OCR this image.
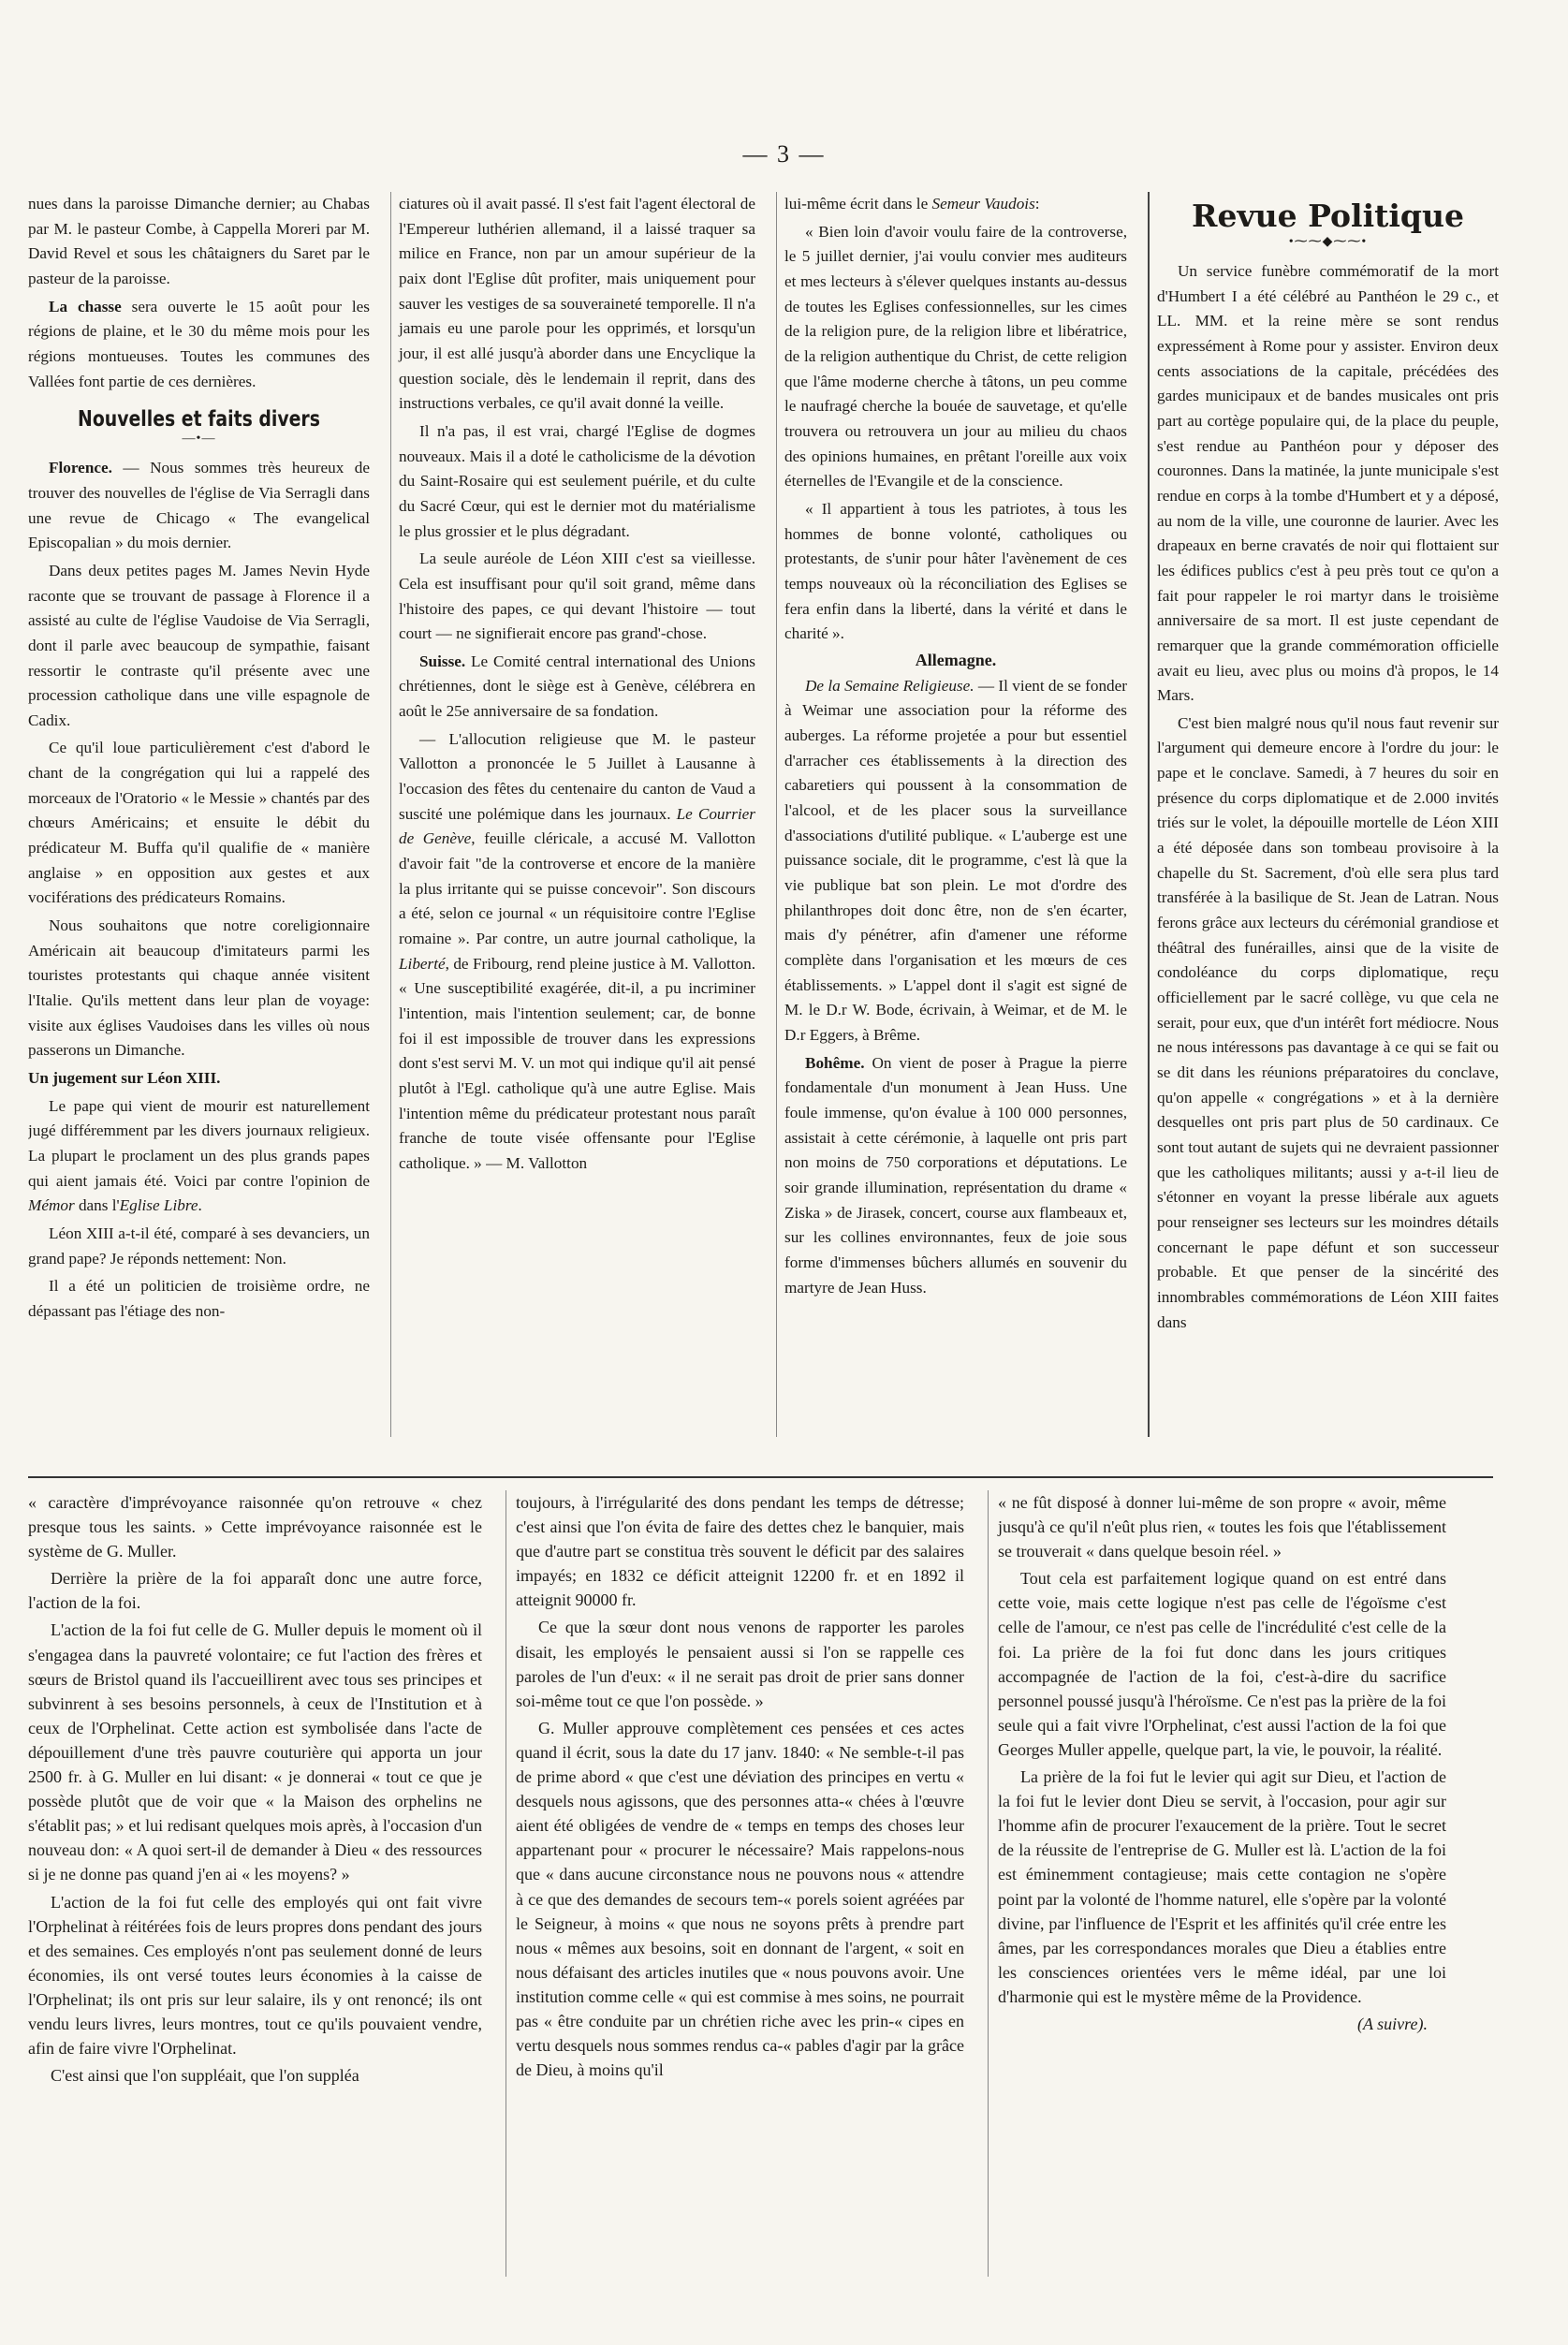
— 3 —

nues dans la paroisse Dimanche dernier; au Chabas par M. le pasteur Combe, à Cappella Moreri par M. David Revel et sous les châtaigners du Saret par le pasteur de la paroisse.

La chasse sera ouverte le 15 août pour les régions de plaine, et le 30 du même mois pour les régions montueuses. Toutes les communes des Vallées font partie de ces dernières.

Nouvelles et faits divers
—•—

Florence. — Nous sommes très heureux de trouver des nouvelles de l'église de Via Serragli dans une revue de Chicago « The evangelical Episcopalian » du mois dernier.

Dans deux petites pages M. James Nevin Hyde raconte que se trouvant de passage à Florence il a assisté au culte de l'église Vaudoise de Via Serragli, dont il parle avec beaucoup de sympathie, faisant ressortir le contraste qu'il présente avec une procession catholique dans une ville espagnole de Cadix.

Ce qu'il loue particulièrement c'est d'abord le chant de la congrégation qui lui a rappelé des morceaux de l'Oratorio « le Messie » chantés par des chœurs Américains; et ensuite le débit du prédicateur M. Buffa qu'il qualifie de « manière anglaise » en opposition aux gestes et aux vociférations des prédicateurs Romains.

Nous souhaitons que notre coreligionnaire Américain ait beaucoup d'imitateurs parmi les touristes protestants qui chaque année visitent l'Italie. Qu'ils mettent dans leur plan de voyage: visite aux églises Vaudoises dans les villes où nous passerons un Dimanche.

Un jugement sur Léon XIII.

Le pape qui vient de mourir est naturellement jugé différemment par les divers journaux religieux. La plupart le proclament un des plus grands papes qui aient jamais été. Voici par contre l'opinion de Mémor dans l'Eglise Libre.

Léon XIII a-t-il été, comparé à ses devanciers, un grand pape? Je réponds nettement: Non.

Il a été un politicien de troisième ordre, ne dépassant pas l'étiage des non-

ciatures où il avait passé. Il s'est fait l'agent électoral de l'Empereur luthérien allemand, il a laissé traquer sa milice en France, non par un amour supérieur de la paix dont l'Eglise dût profiter, mais uniquement pour sauver les vestiges de sa souveraineté temporelle. Il n'a jamais eu une parole pour les opprimés, et lorsqu'un jour, il est allé jusqu'à aborder dans une Encyclique la question sociale, dès le lendemain il reprit, dans des instructions verbales, ce qu'il avait donné la veille.

Il n'a pas, il est vrai, chargé l'Eglise de dogmes nouveaux. Mais il a doté le catholicisme de la dévotion du Saint-Rosaire qui est seulement puérile, et du culte du Sacré Cœur, qui est le dernier mot du matérialisme le plus grossier et le plus dégradant.

La seule auréole de Léon XIII c'est sa vieillesse. Cela est insuffisant pour qu'il soit grand, même dans l'histoire des papes, ce qui devant l'histoire — tout court — ne signifierait encore pas grand'-chose.

Suisse. Le Comité central international des Unions chrétiennes, dont le siège est à Genève, célébrera en août le 25e anniversaire de sa fondation.

— L'allocution religieuse que M. le pasteur Vallotton a prononcée le 5 Juillet à Lausanne à l'occasion des fêtes du centenaire du canton de Vaud a suscité une polémique dans les journaux. Le Courrier de Genève, feuille cléricale, a accusé M. Vallotton d'avoir fait "de la controverse et encore de la manière la plus irritante qui se puisse concevoir". Son discours a été, selon ce journal « un réquisitoire contre l'Eglise romaine ». Par contre, un autre journal catholique, la Liberté, de Fribourg, rend pleine justice à M. Vallotton. « Une susceptibilité exagérée, dit-il, a pu incriminer l'intention, mais l'intention seulement; car, de bonne foi il est impossible de trouver dans les expressions dont s'est servi M. V. un mot qui indique qu'il ait pensé plutôt à l'Egl. catholique qu'à une autre Eglise. Mais l'intention même du prédicateur protestant nous paraît franche de toute visée offensante pour l'Eglise catholique. » — M. Vallotton

lui-même écrit dans le Semeur Vaudois:

« Bien loin d'avoir voulu faire de la controverse, le 5 juillet dernier, j'ai voulu convier mes auditeurs et mes lecteurs à s'élever quelques instants au-dessus de toutes les Eglises confessionnelles, sur les cimes de la religion pure, de la religion libre et libératrice, de la religion authentique du Christ, de cette religion que l'âme moderne cherche à tâtons, un peu comme le naufragé cherche la bouée de sauvetage, et qu'elle trouvera ou retrouvera un jour au milieu du chaos des opinions humaines, en prêtant l'oreille aux voix éternelles de l'Evangile et de la conscience.

« Il appartient à tous les patriotes, à tous les hommes de bonne volonté, catholiques ou protestants, de s'unir pour hâter l'avènement de ces temps nouveaux où la réconciliation des Eglises se fera enfin dans la liberté, dans la vérité et dans le charité ».

Allemagne.

De la Semaine Religieuse. — Il vient de se fonder à Weimar une association pour la réforme des auberges. La réforme projetée a pour but essentiel d'arracher ces établissements à la direction des cabaretiers qui poussent à la consommation de l'alcool, et de les placer sous la surveillance d'associations d'utilité publique. « L'auberge est une puissance sociale, dit le programme, c'est là que la vie publique bat son plein. Le mot d'ordre des philanthropes doit donc être, non de s'en écarter, mais d'y pénétrer, afin d'amener une réforme complète dans l'organisation et les mœurs de ces établissements. » L'appel dont il s'agit est signé de M. le D.r W. Bode, écrivain, à Weimar, et de M. le D.r Eggers, à Brême.

Bohême. On vient de poser à Prague la pierre fondamentale d'un monument à Jean Huss. Une foule immense, qu'on évalue à 100 000 personnes, assistait à cette cérémonie, à laquelle ont pris part non moins de 750 corporations et députations. Le soir grande illumination, représentation du drame « Ziska » de Jirasek, concert, course aux flambeaux et, sur les collines environnantes, feux de joie sous forme d'immenses bûchers allumés en souvenir du martyre de Jean Huss.

Revue Politique
•⁓⁓◆⁓⁓•

Un service funèbre commémoratif de la mort d'Humbert I a été célébré au Panthéon le 29 c., et LL. MM. et la reine mère se sont rendus expressément à Rome pour y assister. Environ deux cents associations de la capitale, précédées des gardes municipaux et de bandes musicales ont pris part au cortège populaire qui, de la place du peuple, s'est rendue au Panthéon pour y déposer des couronnes. Dans la matinée, la junte municipale s'est rendue en corps à la tombe d'Humbert et y a déposé, au nom de la ville, une couronne de laurier. Avec les drapeaux en berne cravatés de noir qui flottaient sur les édifices publics c'est à peu près tout ce qu'on a fait pour rappeler le roi martyr dans le troisième anniversaire de sa mort. Il est juste cependant de remarquer que la grande commémoration officielle avait eu lieu, avec plus ou moins d'à propos, le 14 Mars.

C'est bien malgré nous qu'il nous faut revenir sur l'argument qui demeure encore à l'ordre du jour: le pape et le conclave. Samedi, à 7 heures du soir en présence du corps diplomatique et de 2.000 invités triés sur le volet, la dépouille mortelle de Léon XIII a été déposée dans son tombeau provisoire à la chapelle du St. Sacrement, d'où elle sera plus tard transférée à la basilique de St. Jean de Latran. Nous ferons grâce aux lecteurs du cérémonial grandiose et théâtral des funérailles, ainsi que de la visite de condoléance du corps diplomatique, reçu officiellement par le sacré collège, vu que cela ne serait, pour eux, que d'un intérêt fort médiocre. Nous ne nous intéressons pas davantage à ce qui se fait ou se dit dans les réunions préparatoires du conclave, qu'on appelle « congrégations » et à la dernière desquelles ont pris part plus de 50 cardinaux. Ce sont tout autant de sujets qui ne devraient passionner que les catholiques militants; aussi y a-t-il lieu de s'étonner en voyant la presse libérale aux aguets pour renseigner ses lecteurs sur les moindres détails concernant le pape défunt et son successeur probable. Et que penser de la sincérité des innombrables commémorations de Léon XIII faites dans

« caractère d'imprévoyance raisonnée qu'on retrouve « chez presque tous les saints. » Cette imprévoyance raisonnée est le système de G. Muller.

Derrière la prière de la foi apparaît donc une autre force, l'action de la foi.

L'action de la foi fut celle de G. Muller depuis le moment où il s'engagea dans la pauvreté volontaire; ce fut l'action des frères et sœurs de Bristol quand ils l'accueillirent avec tous ses principes et subvinrent à ses besoins personnels, à ceux de l'Institution et à ceux de l'Orphelinat. Cette action est symbolisée dans l'acte de dépouillement d'une très pauvre couturière qui apporta un jour 2500 fr. à G. Muller en lui disant: « je donnerai « tout ce que je possède plutôt que de voir que « la Maison des orphelins ne s'établit pas; » et lui redisant quelques mois après, à l'occasion d'un nouveau don: « A quoi sert-il de demander à Dieu « des ressources si je ne donne pas quand j'en ai « les moyens? »

L'action de la foi fut celle des employés qui ont fait vivre l'Orphelinat à réitérées fois de leurs propres dons pendant des jours et des semaines. Ces employés n'ont pas seulement donné de leurs économies, ils ont versé toutes leurs économies à la caisse de l'Orphelinat; ils ont pris sur leur salaire, ils y ont renoncé; ils ont vendu leurs livres, leurs montres, tout ce qu'ils pouvaient vendre, afin de faire vivre l'Orphelinat.

C'est ainsi que l'on suppléait, que l'on suppléa

toujours, à l'irrégularité des dons pendant les temps de détresse; c'est ainsi que l'on évita de faire des dettes chez le banquier, mais que d'autre part se constitua très souvent le déficit par des salaires impayés; en 1832 ce déficit atteignit 12200 fr. et en 1892 il atteignit 90000 fr.

Ce que la sœur dont nous venons de rapporter les paroles disait, les employés le pensaient aussi si l'on se rappelle ces paroles de l'un d'eux: « il ne serait pas droit de prier sans donner soi-même tout ce que l'on possède. »

G. Muller approuve complètement ces pensées et ces actes quand il écrit, sous la date du 17 janv. 1840: « Ne semble-t-il pas de prime abord « que c'est une déviation des principes en vertu « desquels nous agissons, que des personnes atta-« chées à l'œuvre aient été obligées de vendre de « temps en temps des choses leur appartenant pour « procurer le nécessaire? Mais rappelons-nous que « dans aucune circonstance nous ne pouvons nous « attendre à ce que des demandes de secours tem-« porels soient agréées par le Seigneur, à moins « que nous ne soyons prêts à prendre part nous « mêmes aux besoins, soit en donnant de l'argent, « soit en nous défaisant des articles inutiles que « nous pouvons avoir. Une institution comme celle « qui est commise à mes soins, ne pourrait pas « être conduite par un chrétien riche avec les prin-« cipes en vertu desquels nous sommes rendus ca-« pables d'agir par la grâce de Dieu, à moins qu'il

« ne fût disposé à donner lui-même de son propre « avoir, même jusqu'à ce qu'il n'eût plus rien, « toutes les fois que l'établissement se trouverait « dans quelque besoin réel. »

Tout cela est parfaitement logique quand on est entré dans cette voie, mais cette logique n'est pas celle de l'égoïsme c'est celle de l'amour, ce n'est pas celle de l'incrédulité c'est celle de la foi. La prière de la foi fut donc dans les jours critiques accompagnée de l'action de la foi, c'est-à-dire du sacrifice personnel poussé jusqu'à l'héroïsme. Ce n'est pas la prière de la foi seule qui a fait vivre l'Orphelinat, c'est aussi l'action de la foi que Georges Muller appelle, quelque part, la vie, le pouvoir, la réalité.

La prière de la foi fut le levier qui agit sur Dieu, et l'action de la foi fut le levier dont Dieu se servit, à l'occasion, pour agir sur l'homme afin de procurer l'exaucement de la prière. Tout le secret de la réussite de l'entreprise de G. Muller est là. L'action de la foi est éminemment contagieuse; mais cette contagion ne s'opère point par la volonté de l'homme naturel, elle s'opère par la volonté divine, par l'influence de l'Esprit et les affinités qu'il crée entre les âmes, par les correspondances morales que Dieu a établies entre les consciences orientées vers le même idéal, par une loi d'harmonie qui est le mystère même de la Providence.

(A suivre).
